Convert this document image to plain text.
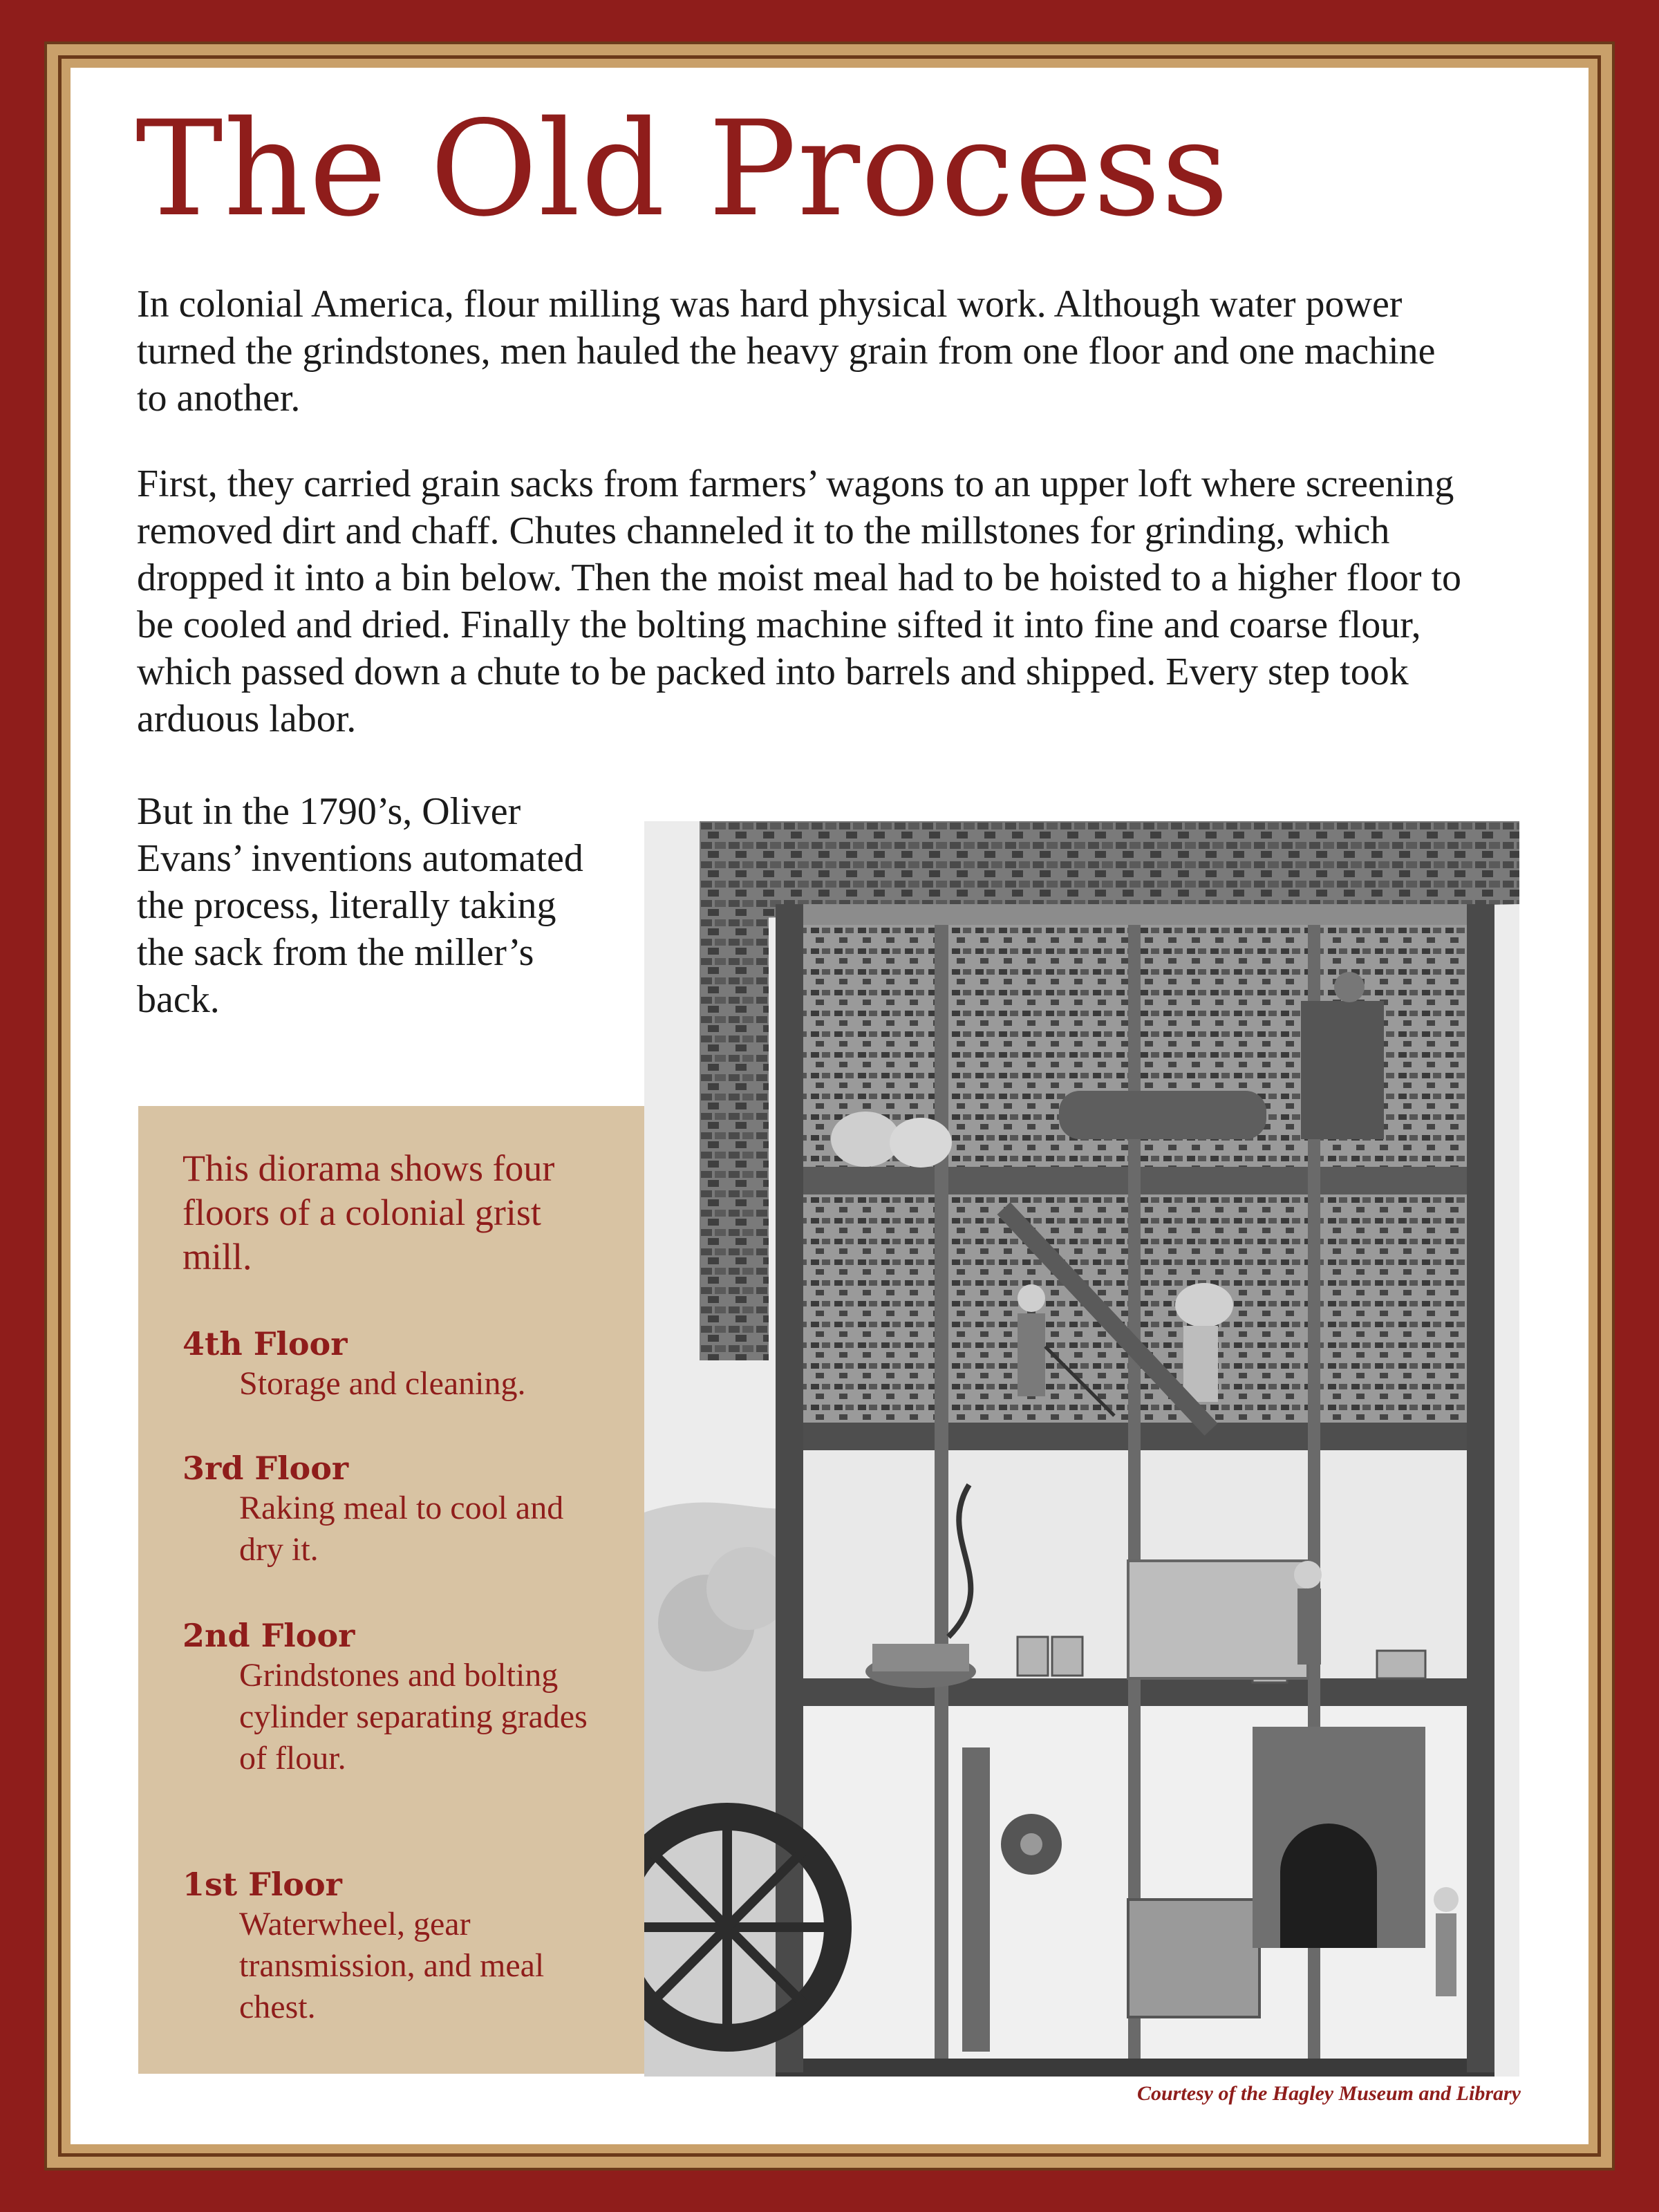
The Old Process
In colonial America, flour milling was hard physical work. Although water power turned the grindstones, men hauled the heavy grain from one floor and one machine to another.
First, they carried grain sacks from farmers’ wagons to an upper loft where screening removed dirt and chaff. Chutes channeled it to the millstones for grinding, which dropped it into a bin below. Then the moist meal had to be hoisted to a higher floor to be cooled and dried. Finally the bolting machine sifted it into fine and coarse flour, which passed down a chute to be packed into barrels and shipped. Every step took arduous labor.
But in the 1790’s, Oliver Evans’ inventions automated the process, literally taking the sack from the miller’s back.
This diorama shows four floors of a colonial grist mill.
4th Floor
Storage and cleaning.
3rd Floor
Raking meal to cool and dry it.
2nd Floor
Grindstones and bolting cylinder separating grades of flour.
1st Floor
Waterwheel, gear transmission, and meal chest.
Courtesy of the Hagley Museum and Library
